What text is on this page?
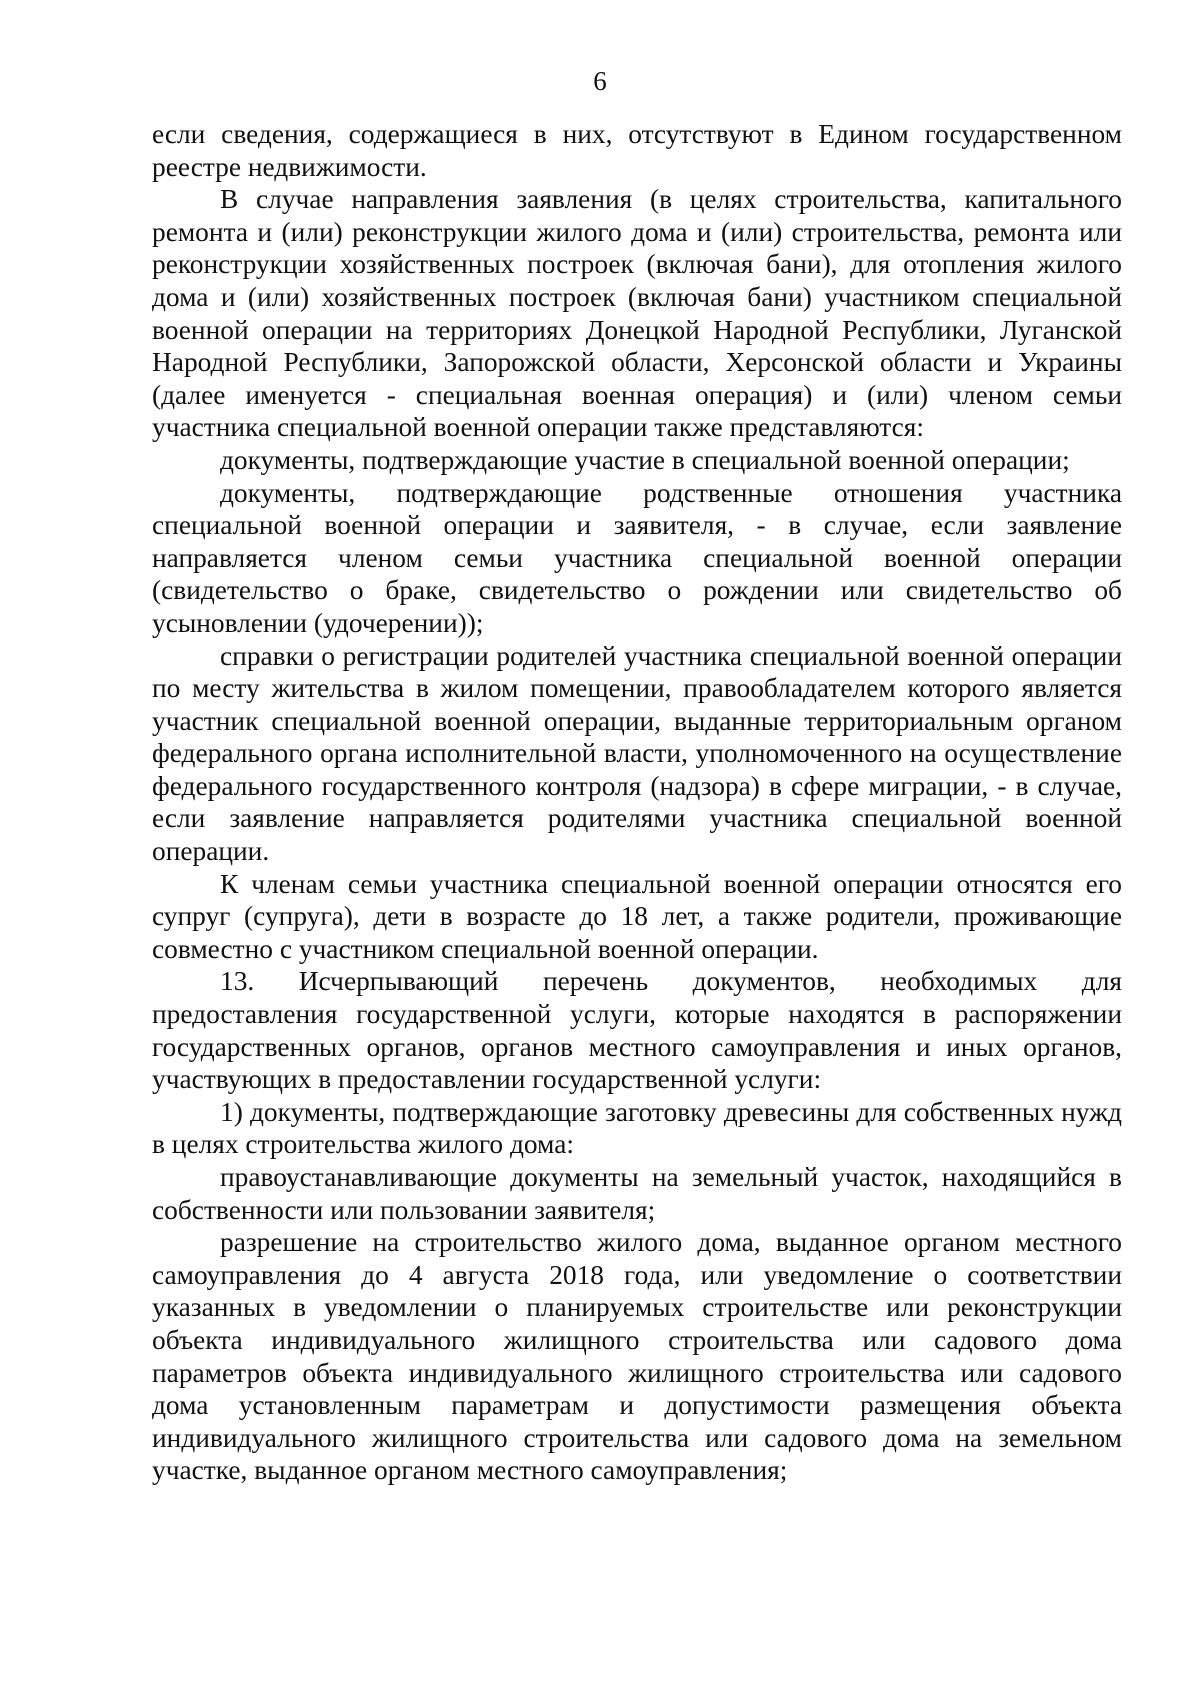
6

если сведения, содержащиеся в них, отсутствуют в Едином государственном реестре недвижимости.

В случае направления заявления (в целях строительства, капитального ремонта и (или) реконструкции жилого дома и (или) строительства, ремонта или реконструкции хозяйственных построек (включая бани), для отопления жилого дома и (или) хозяйственных построек (включая бани) участником специальной военной операции на территориях Донецкой Народной Республики, Луганской Народной Республики, Запорожской области, Херсонской области и Украины (далее именуется - специальная военная операция) и (или) членом семьи участника специальной военной операции также представляются:

документы, подтверждающие участие в специальной военной операции;

документы, подтверждающие родственные отношения участника специальной военной операции и заявителя, - в случае, если заявление направляется членом семьи участника специальной военной операции (свидетельство о браке, свидетельство о рождении или свидетельство об усыновлении (удочерении));

справки о регистрации родителей участника специальной военной операции по месту жительства в жилом помещении, правообладателем которого является участник специальной военной операции, выданные территориальным органом федерального органа исполнительной власти, уполномоченного на осуществление федерального государственного контроля (надзора) в сфере миграции, - в случае, если заявление направляется родителями участника специальной военной операции.

К членам семьи участника специальной военной операции относятся его супруг (супруга), дети в возрасте до 18 лет, а также родители, проживающие совместно с участником специальной военной операции.

13. Исчерпывающий перечень документов, необходимых для предоставления государственной услуги, которые находятся в распоряжении государственных органов, органов местного самоуправления и иных органов, участвующих в предоставлении государственной услуги:

1) документы, подтверждающие заготовку древесины для собственных нужд в целях строительства жилого дома:

правоустанавливающие документы на земельный участок, находящийся в собственности или пользовании заявителя;

разрешение на строительство жилого дома, выданное органом местного самоуправления до 4 августа 2018 года, или уведомление о соответствии указанных в уведомлении о планируемых строительстве или реконструкции объекта индивидуального жилищного строительства или садового дома параметров объекта индивидуального жилищного строительства или садового дома установленным параметрам и допустимости размещения объекта индивидуального жилищного строительства или садового дома на земельном участке, выданное органом местного самоуправления;
